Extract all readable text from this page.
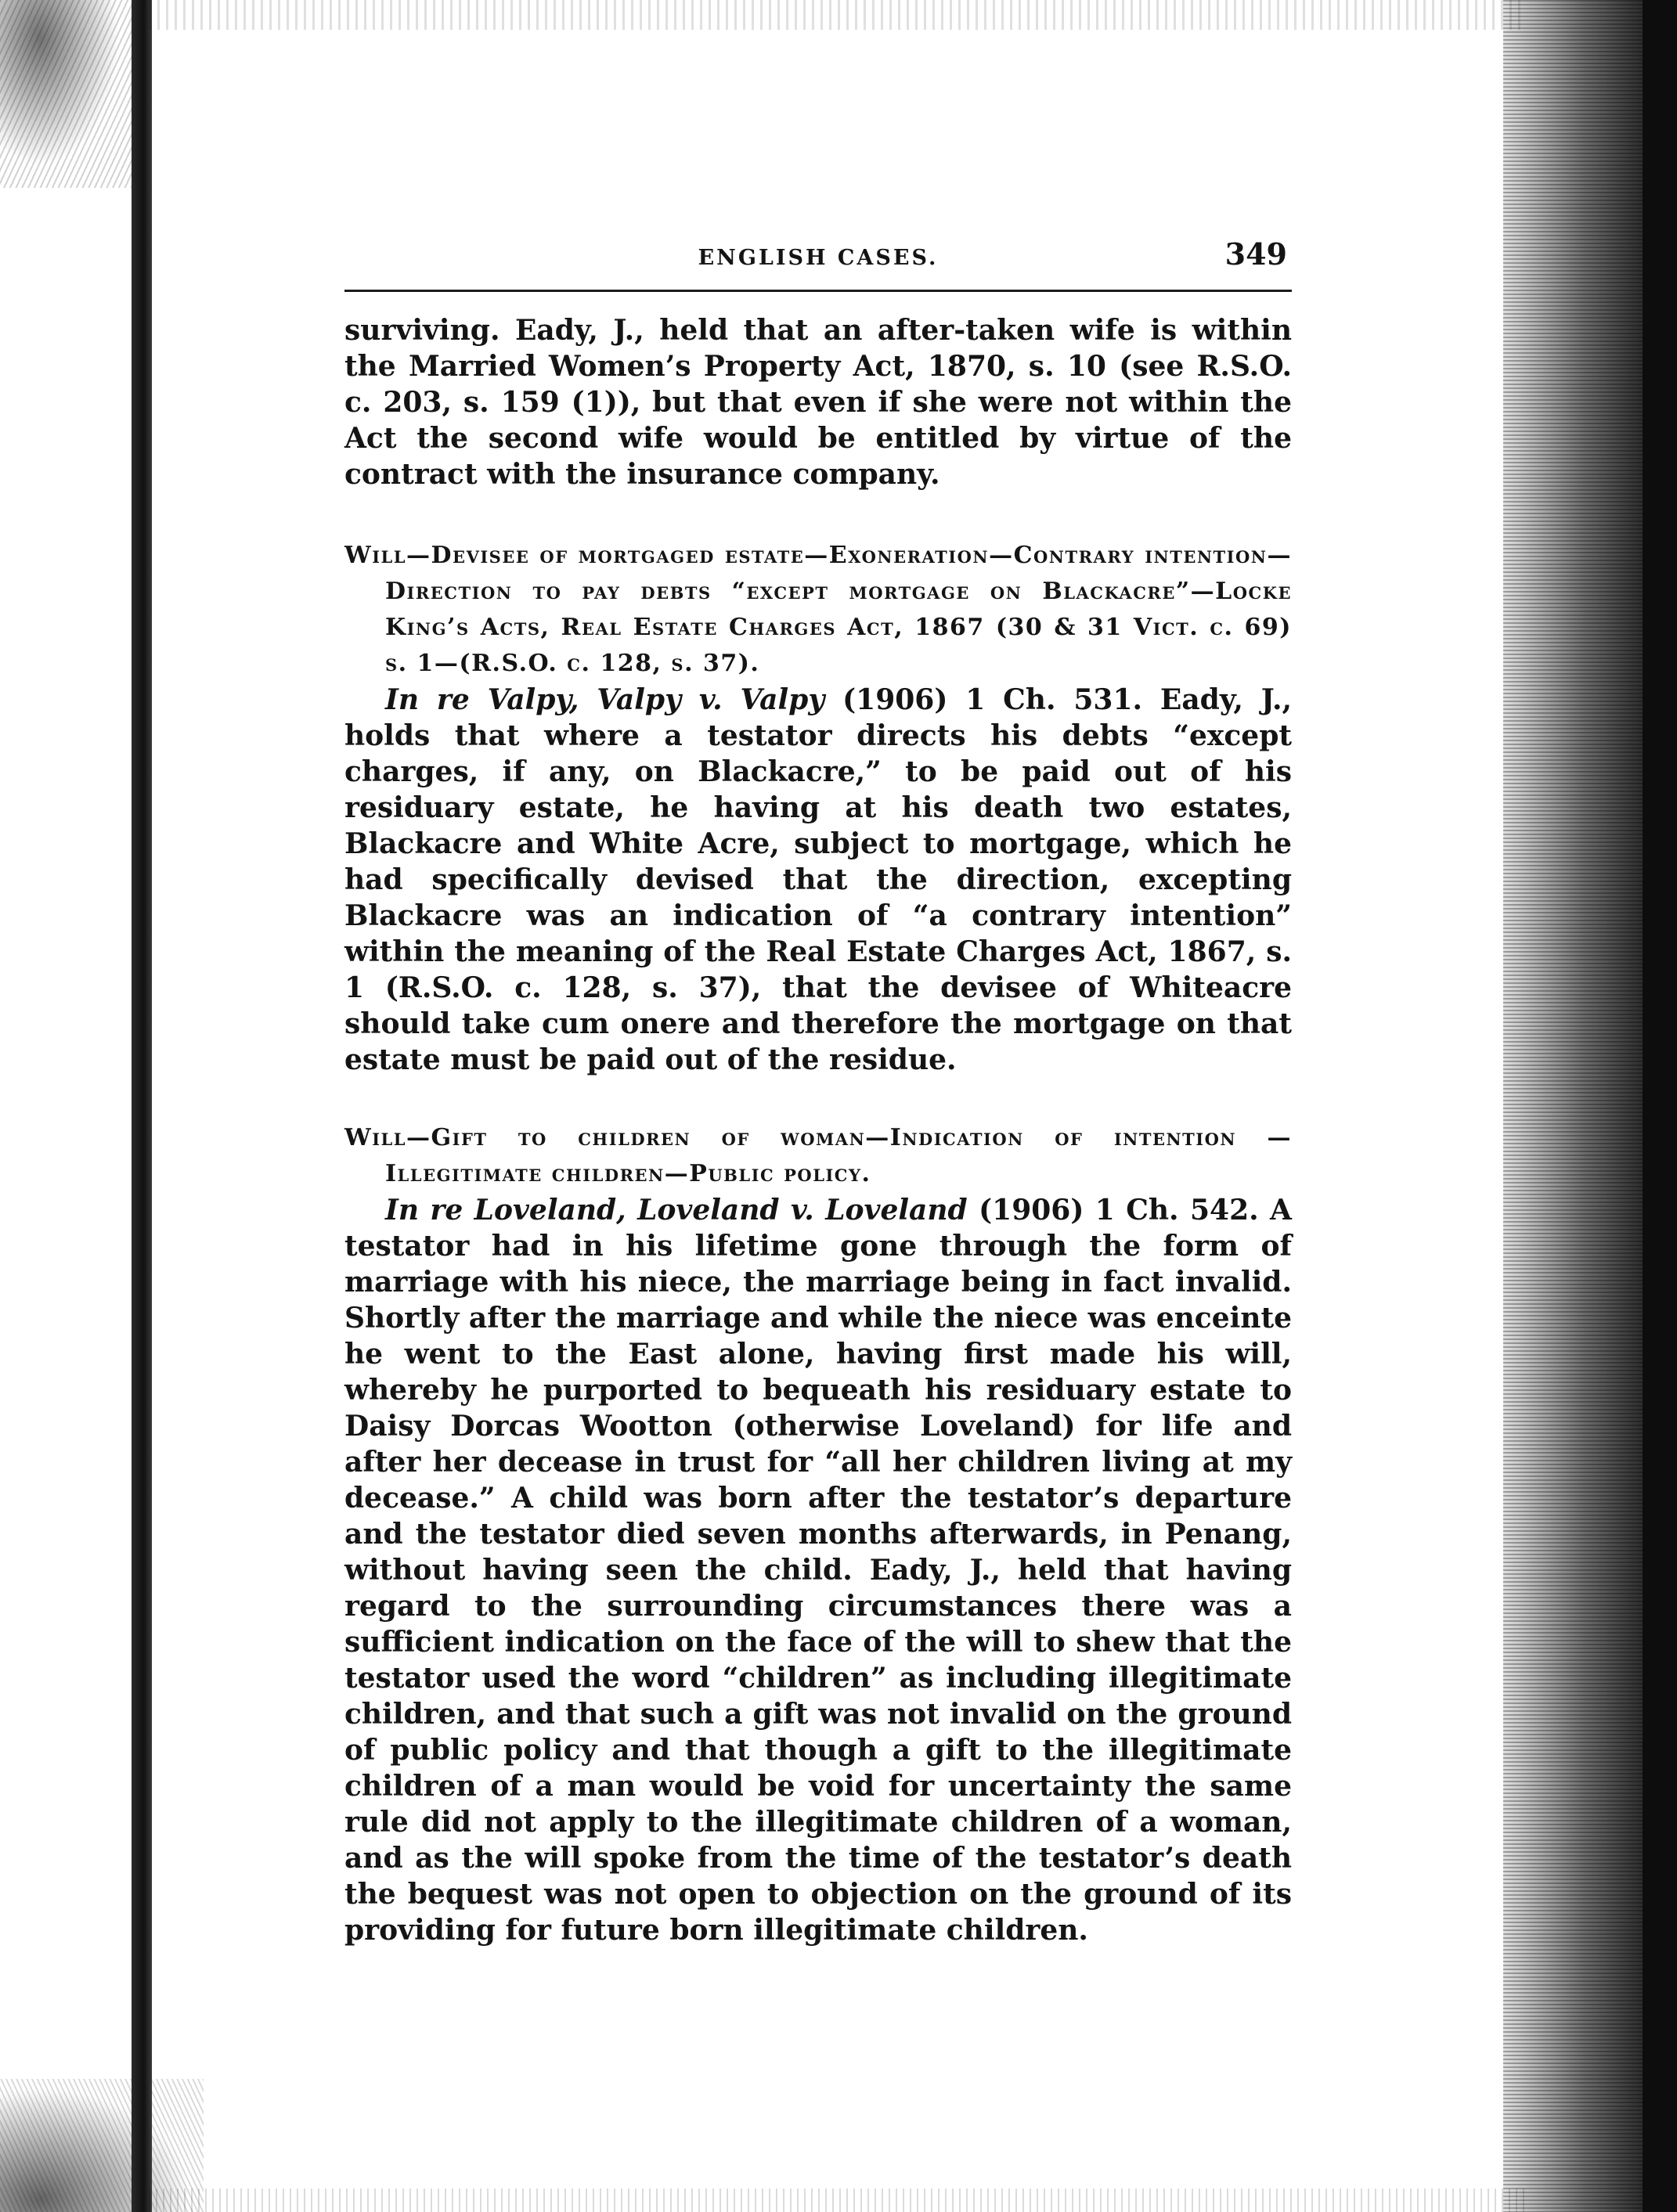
ENGLISH CASES.	349

surviving. Eady, J., held that an after-taken wife is within the Married Women’s Property Act, 1870, s. 10 (see R.S.O. c. 203, s. 159 (1)), but that even if she were not within the Act the second wife would be entitled by virtue of the contract with the insurance company.

Will—Devisee of mortgaged estate—Exoneration—Contrary intention—Direction to pay debts “except mortgage on Blackacre”—Locke King’s Acts, Real Estate Charges Act, 1867 (30 & 31 Vict. c. 69) s. 1—(R.S.O. c. 128, s. 37).

In re Valpy, Valpy v. Valpy (1906) 1 Ch. 531. Eady, J., holds that where a testator directs his debts “except charges, if any, on Blackacre,” to be paid out of his residuary estate, he having at his death two estates, Blackacre and White Acre, subject to mortgage, which he had specifically devised that the direction, excepting Blackacre was an indication of “a contrary intention” within the meaning of the Real Estate Charges Act, 1867, s. 1 (R.S.O. c. 128, s. 37), that the devisee of Whiteacre should take cum onere and therefore the mortgage on that estate must be paid out of the residue.

Will—Gift to children of woman—Indication of intention —Illegitimate children—Public policy.

In re Loveland, Loveland v. Loveland (1906) 1 Ch. 542. A testator had in his lifetime gone through the form of marriage with his niece, the marriage being in fact invalid. Shortly after the marriage and while the niece was enceinte he went to the East alone, having first made his will, whereby he purported to bequeath his residuary estate to Daisy Dorcas Wootton (otherwise Loveland) for life and after her decease in trust for “all her children living at my decease.” A child was born after the testator’s departure and the testator died seven months afterwards, in Penang, without having seen the child. Eady, J., held that having regard to the surrounding circumstances there was a sufficient indication on the face of the will to shew that the testator used the word “children” as including illegitimate children, and that such a gift was not invalid on the ground of public policy and that though a gift to the illegitimate children of a man would be void for uncertainty the same rule did not apply to the illegitimate children of a woman, and as the will spoke from the time of the testator’s death the bequest was not open to objection on the ground of its providing for future born illegitimate children.
